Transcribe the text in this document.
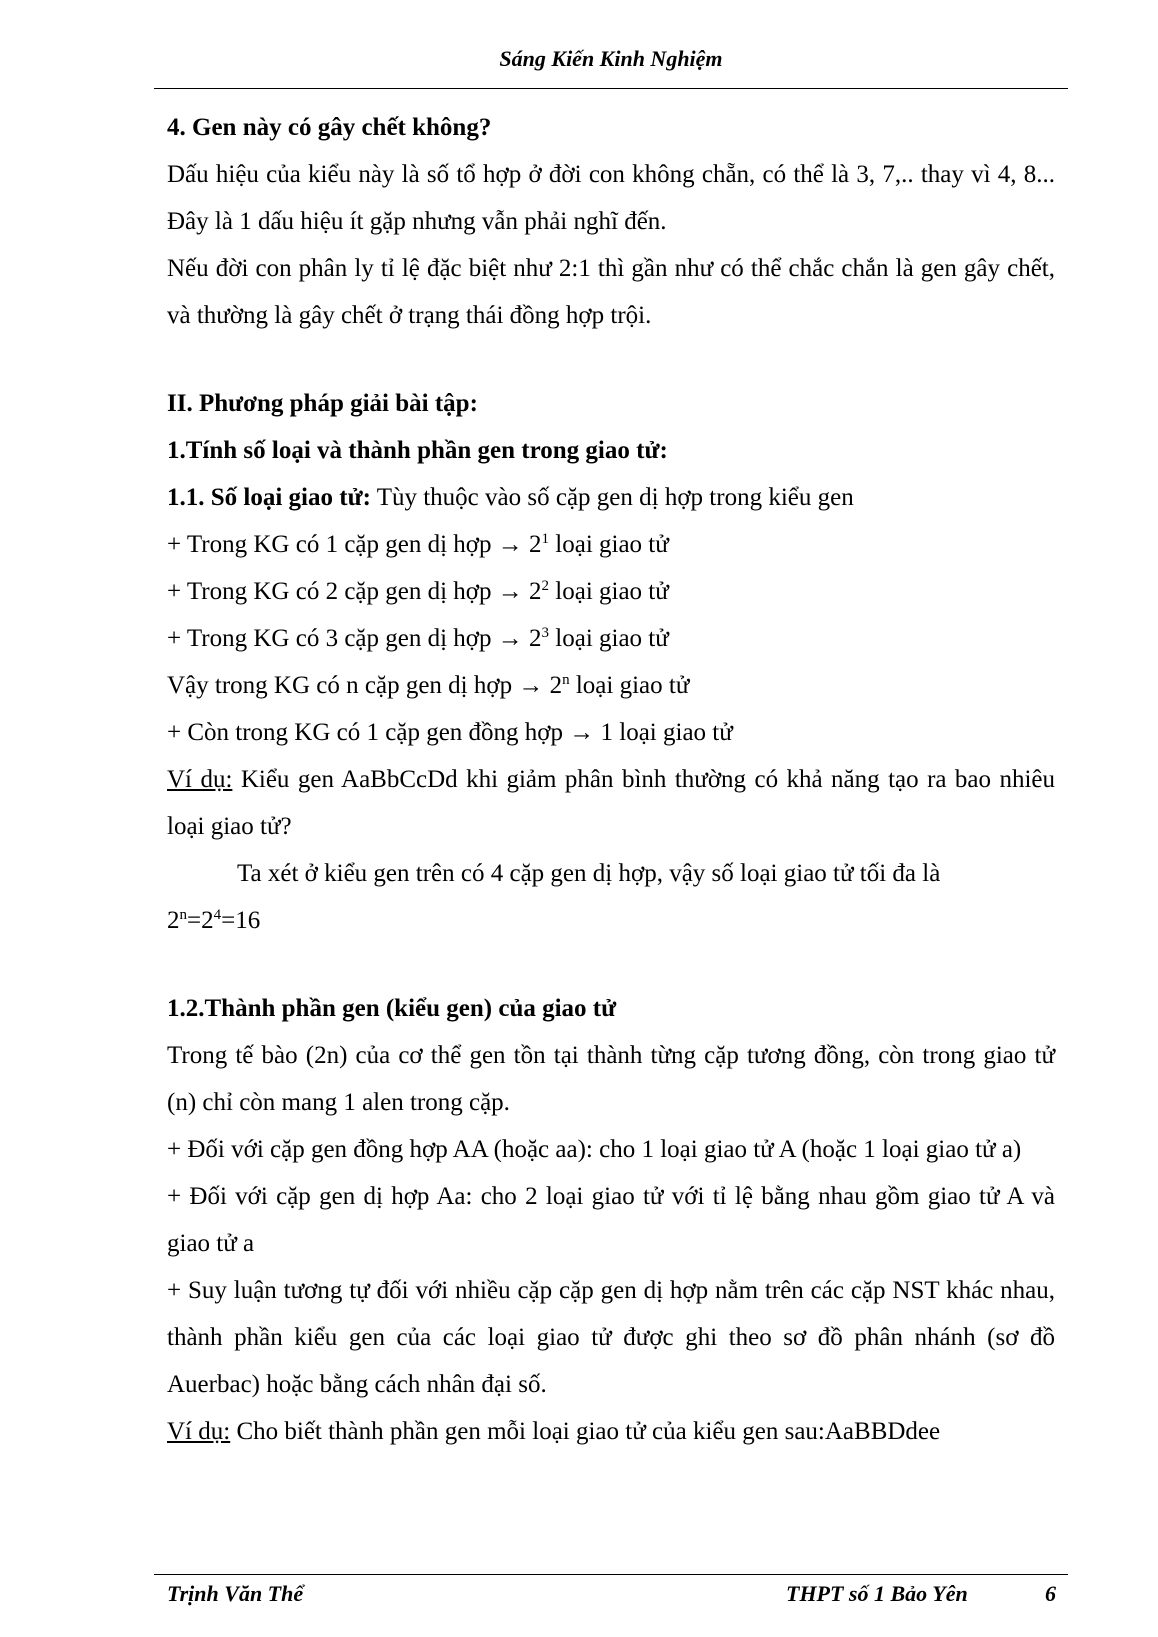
Sáng Kiến Kinh Nghiệm

4. Gen này có gây chết không?

Dấu hiệu của kiểu này là số tổ hợp ở đời con không chẵn, có thể là 3, 7,.. thay vì 4, 8... Đây là 1 dấu hiệu ít gặp nhưng vẫn phải nghĩ đến.

Nếu đời con phân ly tỉ lệ đặc biệt như 2:1 thì gần như có thể chắc chắn là gen gây chết, và thường là gây chết ở trạng thái đồng hợp trội.

II. Phương pháp giải bài tập:

1.Tính số loại và thành phần gen trong giao tử:

1.1. Số loại giao tử: Tùy thuộc vào số cặp gen dị hợp trong kiểu gen

+ Trong KG có 1 cặp gen dị hợp → $2^1$ loại giao tử

+ Trong KG có 2 cặp gen dị hợp → $2^2$ loại giao tử

+ Trong KG có 3 cặp gen dị hợp → $2^3$ loại giao tử

Vậy trong KG có n cặp gen dị hợp → $2^n$ loại giao tử

+ Còn trong KG có 1 cặp gen đồng hợp → 1 loại giao tử

Ví dụ: Kiểu gen AaBbCcDd khi giảm phân bình thường có khả năng tạo ra bao nhiêu loại giao tử?

Ta xét ở kiểu gen trên có 4 cặp gen dị hợp, vậy số loại giao tử tối đa là

$2^n=2^4=16$

1.2.Thành phần gen (kiểu gen) của giao tử

Trong tế bào (2n) của cơ thể gen tồn tại thành từng cặp tương đồng, còn trong giao tử (n) chỉ còn mang 1 alen trong cặp.

+ Đối với cặp gen đồng hợp AA (hoặc aa): cho 1 loại giao tử A (hoặc 1 loại giao tử a)

+ Đối với cặp gen dị hợp Aa: cho 2 loại giao tử với tỉ lệ bằng nhau gồm giao tử A và giao tử a

+ Suy luận tương tự đối với nhiều cặp cặp gen dị hợp nằm trên các cặp NST khác nhau, thành phần kiểu gen của các loại giao tử được ghi theo sơ đồ phân nhánh (sơ đồ Auerbac) hoặc bằng cách nhân đại số.

Ví dụ: Cho biết thành phần gen mỗi loại giao tử của kiểu gen sau:AaBBDdee

Trịnh Văn Thể	THPT số 1 Bảo Yên	6
